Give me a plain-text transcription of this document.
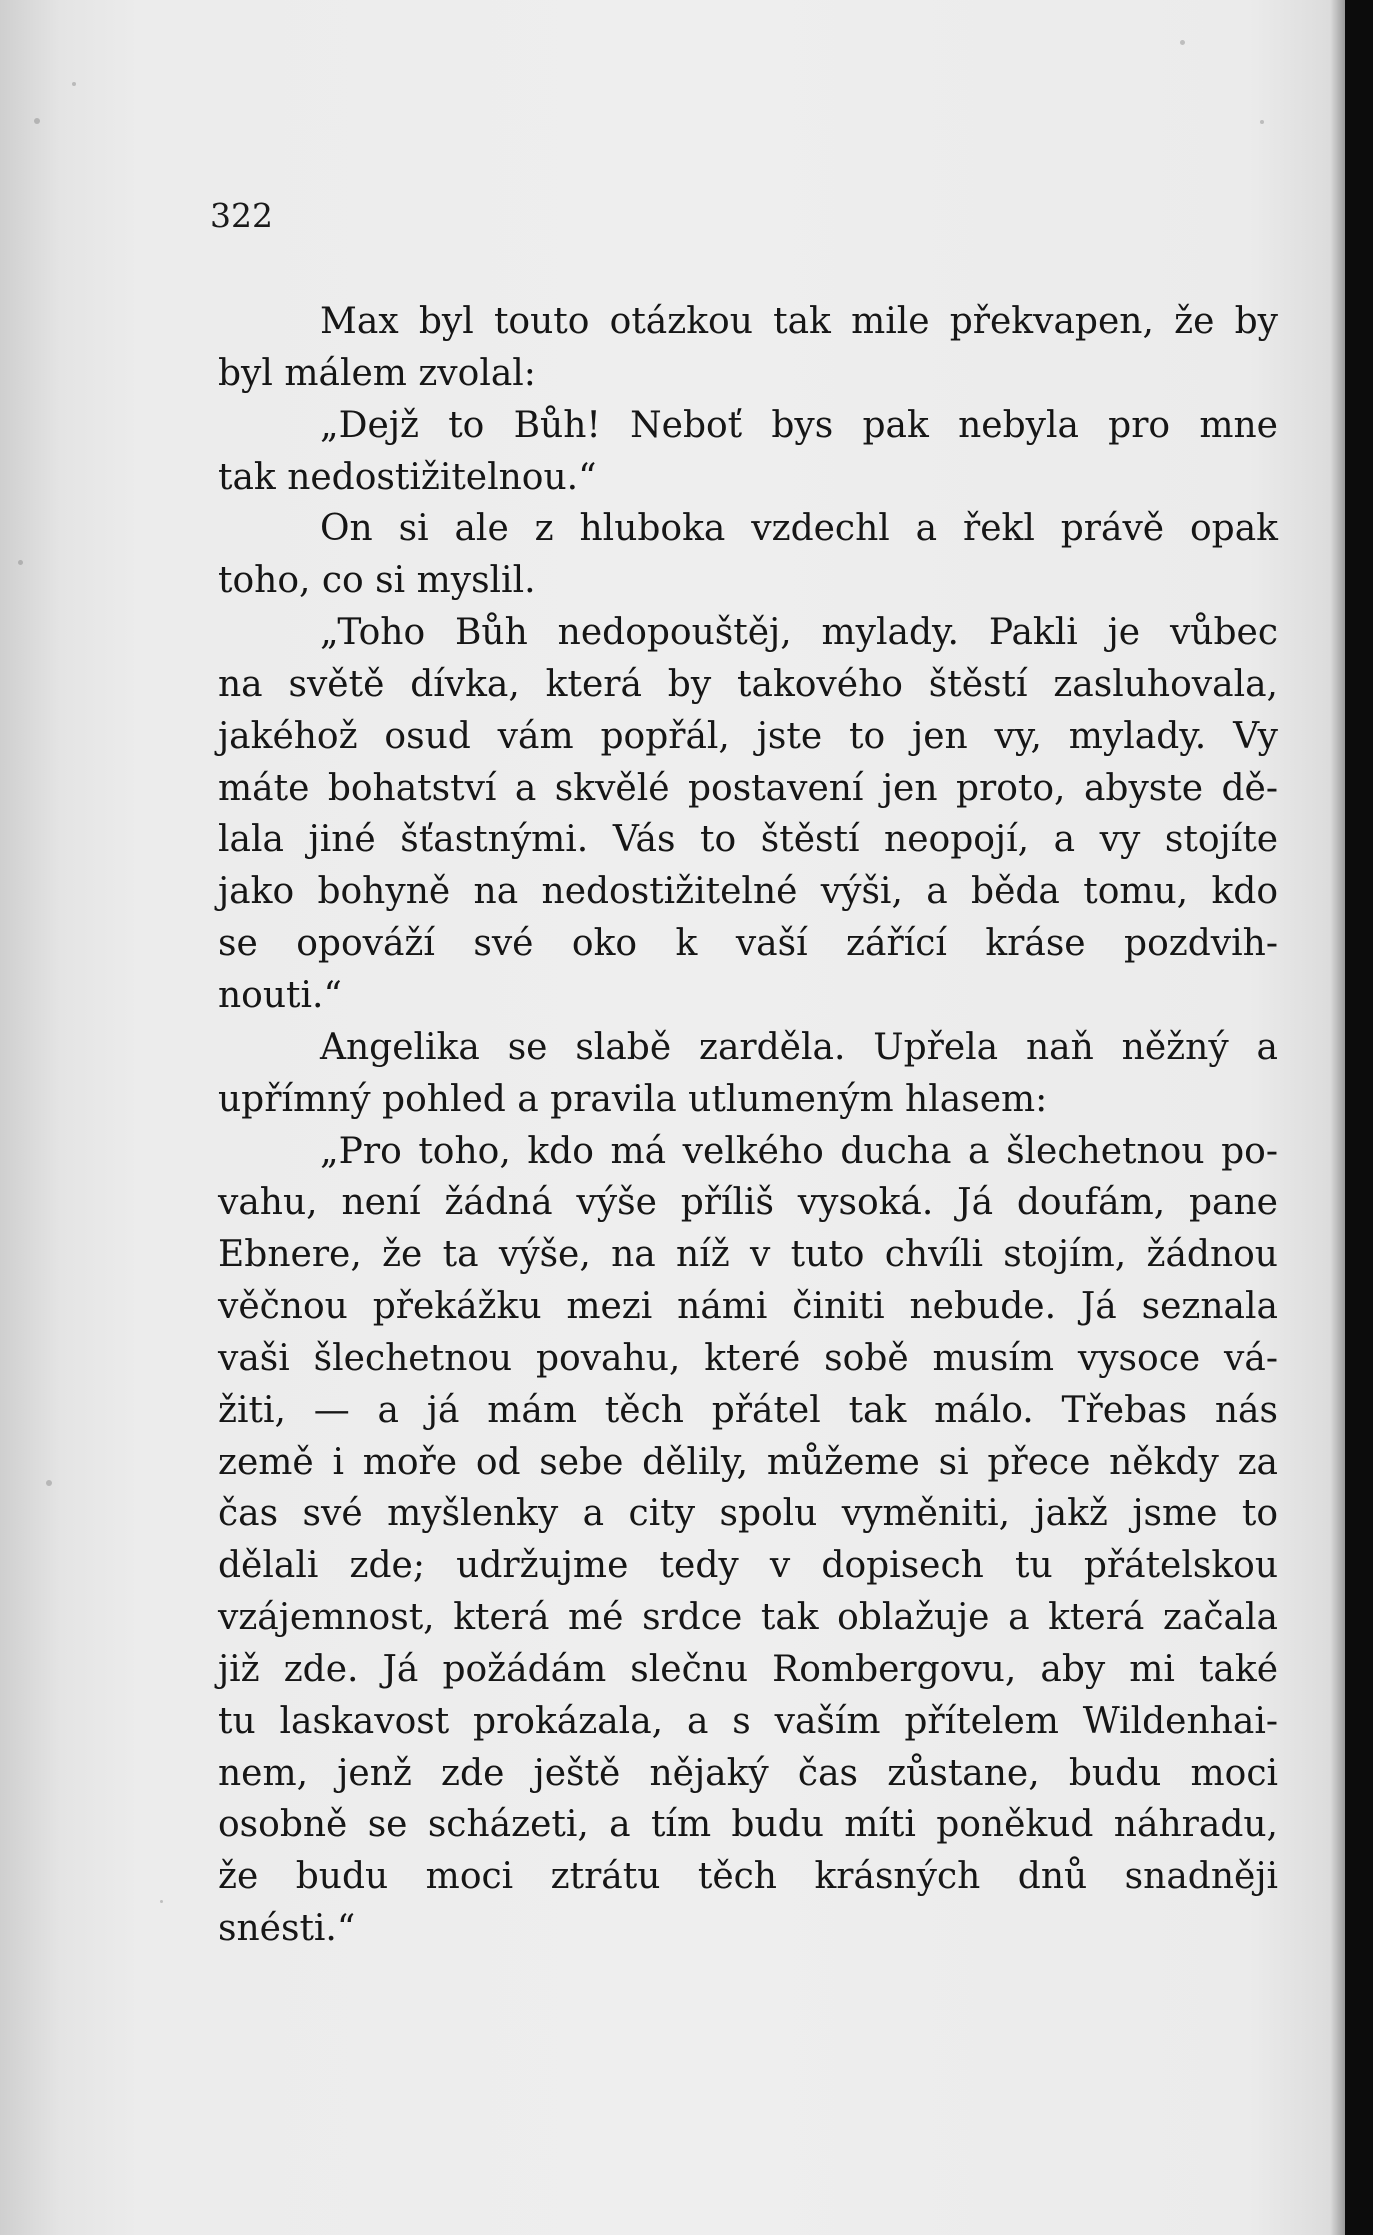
322

Max byl touto otázkou tak mile překvapen, že by
byl málem zvolal:
„Dejž to Bůh! Neboť bys pak nebyla pro mne
tak nedostižitelnou.“
On si ale z hluboka vzdechl a řekl právě opak
toho, co si myslil.
„Toho Bůh nedopouštěj, mylady. Pakli je vůbec
na světě dívka, která by takového štěstí zasluhovala,
jakéhož osud vám popřál, jste to jen vy, mylady. Vy
máte bohatství a skvělé postavení jen proto, abyste dě-
lala jiné šťastnými. Vás to štěstí neopojí, a vy stojíte
jako bohyně na nedostižitelné výši, a běda tomu, kdo
se opováží své oko k vaší zářící kráse pozdvih-
nouti.“
Angelika se slabě zarděla. Upřela naň něžný a
upřímný pohled a pravila utlumeným hlasem:
„Pro toho, kdo má velkého ducha a šlechetnou po-
vahu, není žádná výše příliš vysoká. Já doufám, pane
Ebnere, že ta výše, na níž v tuto chvíli stojím, žádnou
věčnou překážku mezi námi činiti nebude. Já seznala
vaši šlechetnou povahu, které sobě musím vysoce vá-
žiti, — a já mám těch přátel tak málo. Třebas nás
země i moře od sebe dělily, můžeme si přece někdy za
čas své myšlenky a city spolu vyměniti, jakž jsme to
dělali zde; udržujme tedy v dopisech tu přátelskou
vzájemnost, která mé srdce tak oblažuje a která začala
již zde. Já požádám slečnu Rombergovu, aby mi také
tu laskavost prokázala, a s vaším přítelem Wildenhai-
nem, jenž zde ještě nějaký čas zůstane, budu moci
osobně se scházeti, a tím budu míti poněkud náhradu,
že budu moci ztrátu těch krásných dnů snadněji
snésti.“
